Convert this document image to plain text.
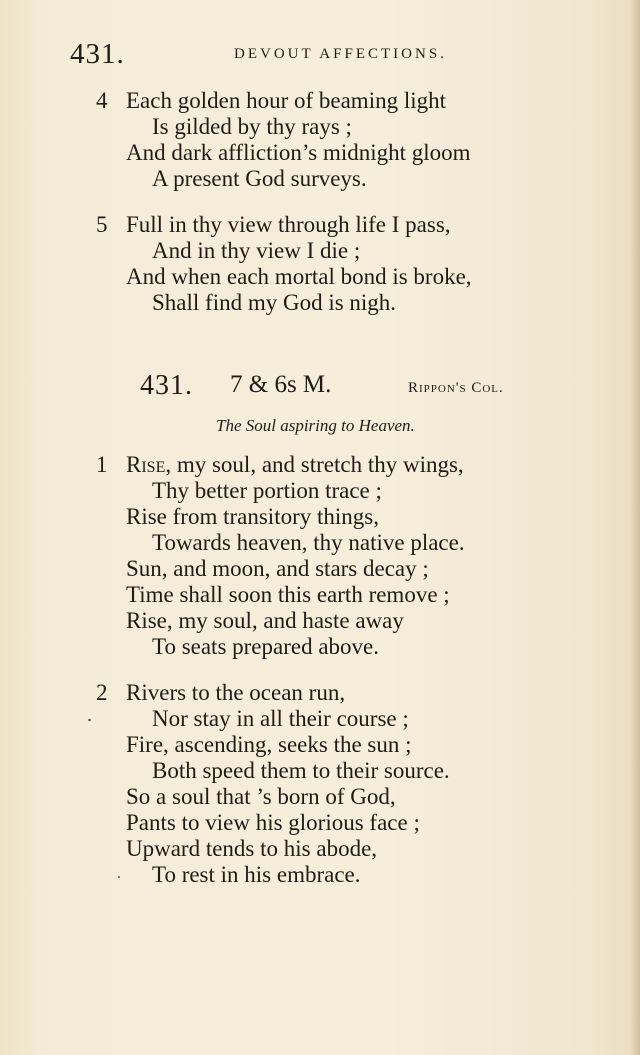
431.	DEVOUT AFFECTIONS.
4 Each golden hour of beaming light
Is gilded by thy rays ;
And dark affliction’s midnight gloom
A present God surveys.
5 Full in thy view through life I pass,
And in thy view I die ;
And when each mortal bond is broke,
Shall find my God is nigh.
431. 7 & 6s M.	Rippon's Col.
The Soul aspiring to Heaven.
1 Rise, my soul, and stretch thy wings,
Thy better portion trace ;
Rise from transitory things,
Towards heaven, thy native place.
Sun, and moon, and stars decay ;
Time shall soon this earth remove ;
Rise, my soul, and haste away
To seats prepared above.
2 Rivers to the ocean run,
Nor stay in all their course ;
Fire, ascending, seeks the sun ;
Both speed them to their source.
So a soul that ’s born of God,
Pants to view his glorious face ;
Upward tends to his abode,
To rest in his embrace.
